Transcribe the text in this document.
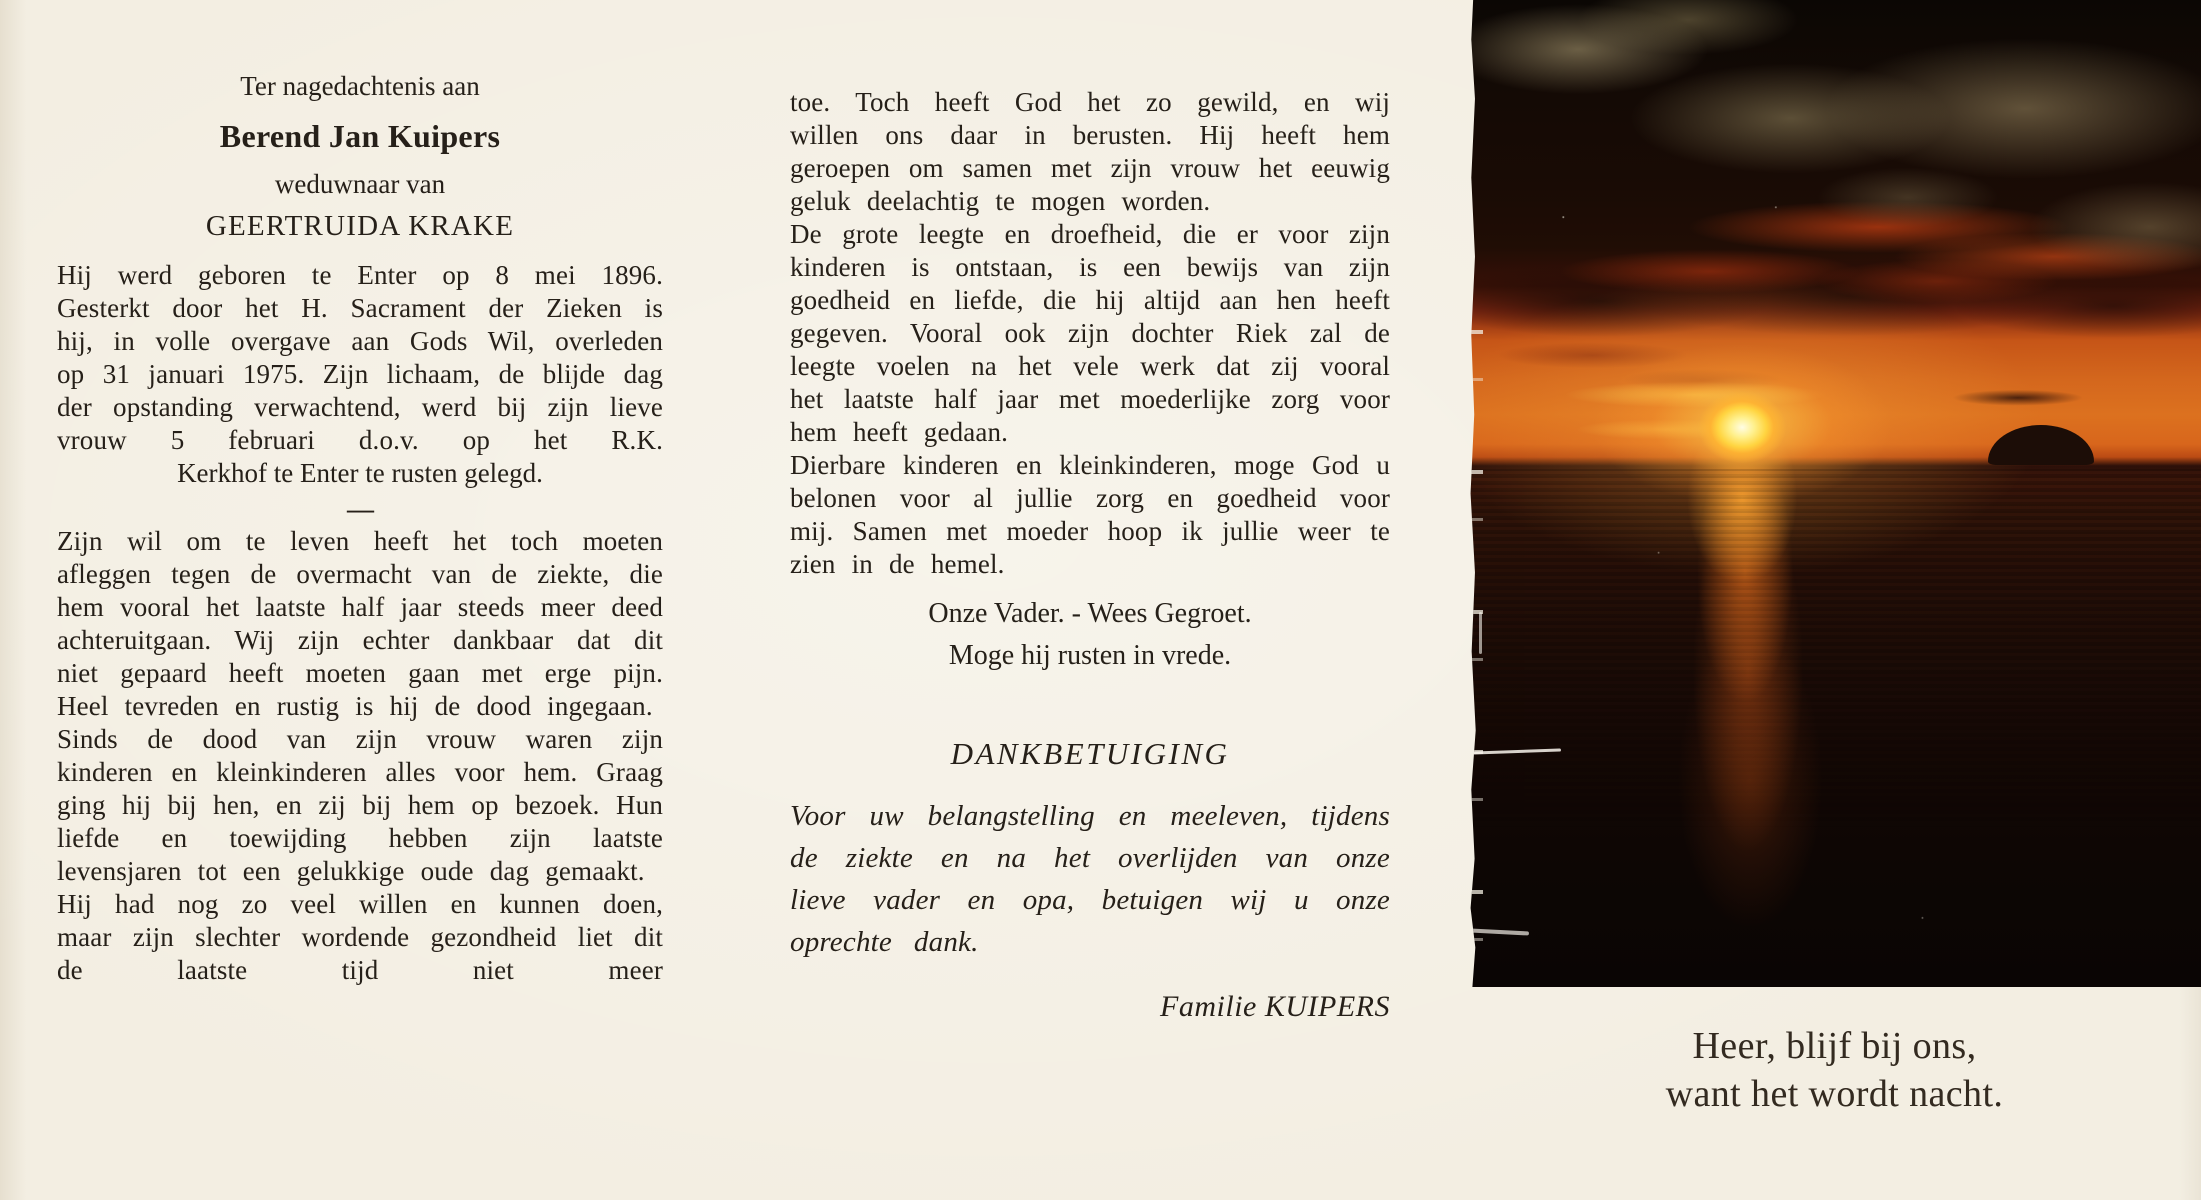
Ter nagedachtenis aan
Berend Jan Kuipers
weduwnaar van
GEERTRUIDA KRAKE

Hij werd geboren te Enter op 8 mei 1896. Gesterkt door het H. Sacrament der Zieken is hij, in volle overgave aan Gods Wil, overleden op 31 januari 1975. Zijn lichaam, de blijde dag der opstanding verwachtend, werd bij zijn lieve vrouw 5 februari d.o.v. op het R.K.

Kerkhof te Enter te rusten gelegd.
—

Zijn wil om te leven heeft het toch moeten afleggen tegen de overmacht van de ziekte, die hem vooral het laatste half jaar steeds meer deed achteruitgaan. Wij zijn echter dankbaar dat dit niet gepaard heeft moeten gaan met erge pijn. Heel tevreden en rustig is hij de dood ingegaan.

Sinds de dood van zijn vrouw waren zijn kinderen en kleinkinderen alles voor hem. Graag ging hij bij hen, en zij bij hem op bezoek. Hun liefde en toewijding hebben zijn laatste levensjaren tot een gelukkige oude dag gemaakt.

Hij had nog zo veel willen en kunnen doen, maar zijn slechter wordende gezondheid liet dit de laatste tijd niet meer

toe. Toch heeft God het zo gewild, en wij willen ons daar in berusten. Hij heeft hem geroepen om samen met zijn vrouw het eeuwig geluk deelachtig te mogen worden.

De grote leegte en droefheid, die er voor zijn kinderen is ontstaan, is een bewijs van zijn goedheid en liefde, die hij altijd aan hen heeft gegeven. Vooral ook zijn dochter Riek zal de leegte voelen na het vele werk dat zij vooral het laatste half jaar met moederlijke zorg voor hem heeft gedaan.

Dierbare kinderen en kleinkinderen, moge God u belonen voor al jullie zorg en goedheid voor mij. Samen met moeder hoop ik jullie weer te zien in de hemel.

Onze Vader. - Wees Gegroet.
Moge hij rusten in vrede.
DANKBETUIGING

Voor uw belangstelling en meeleven, tijdens de ziekte en na het overlijden van onze lieve vader en opa, betuigen wij u onze oprechte dank.

Familie KUIPERS
Heer, blijf bij ons,
want het wordt nacht.
